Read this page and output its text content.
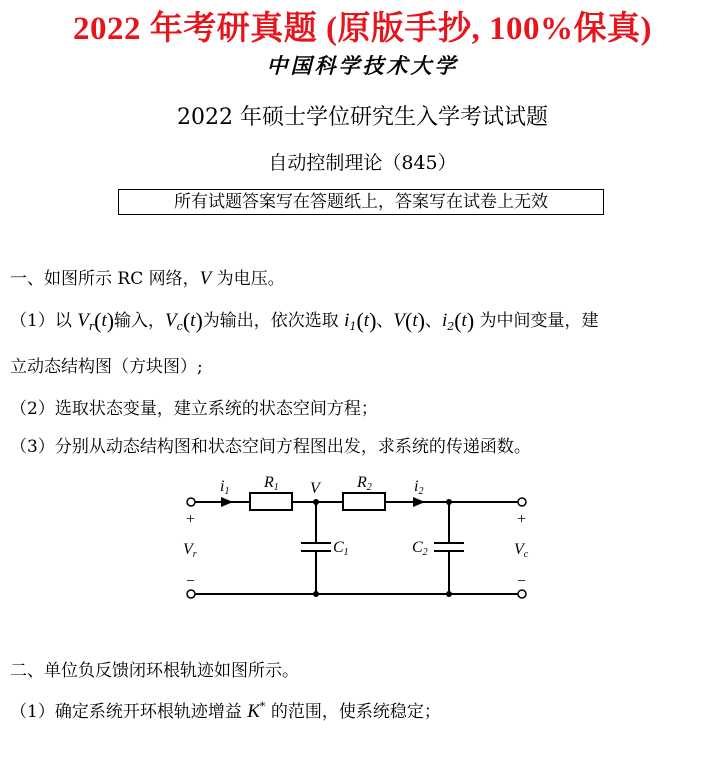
2022 年考研真题 (原版手抄, 100%保真)
中国科学技术大学
2022 年硕士学位研究生入学考试试题
自动控制理论（845）
所有试题答案写在答题纸上，答案写在试卷上无效
一、如图所示 RC 网络，V 为电压。
（1）以 $V_r(t)$输入，$V_c(t)$为输出，依次选取 $i_1(t)$、V(t)、$i_2(t)$ 为中间变量，建
立动态结构图（方块图）;
（2）选取状态变量，建立系统的状态空间方程；
（3）分别从动态结构图和状态空间方程图出发，求系统的传递函数。
i1
R1 V R2	i2
C1	C2
Vr	Vc
+	+
−	−
二、单位负反馈闭环根轨迹如图所示。
（1）确定系统开环根轨迹增益 K* 的范围，使系统稳定；
